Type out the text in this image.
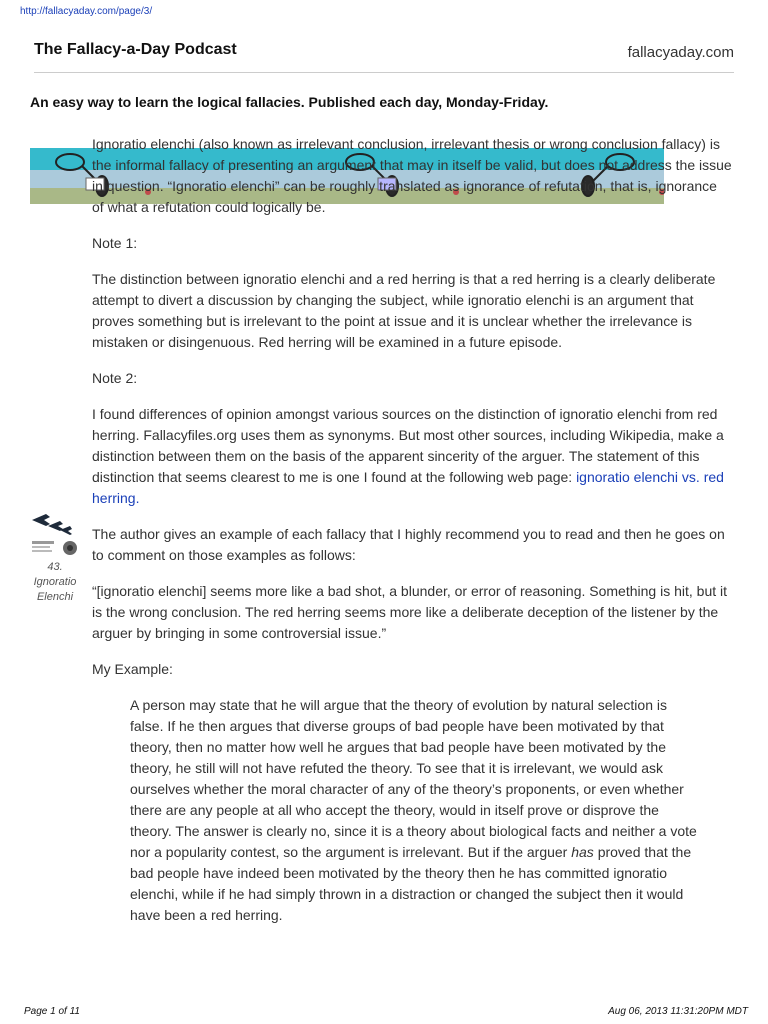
http://fallacyaday.com/page/3/
The Fallacy-a-Day Podcast	fallacyaday.com
An easy way to learn the logical fallacies. Published each day, Monday-Friday.
43.
Ignoratio
Elenchi

Ignoratio elenchi (also known as irrelevant conclusion, irrelevant thesis or wrong conclusion fallacy) is the informal fallacy of presenting an argument that may in itself be valid, but does not address the issue in question. “Ignoratio elenchi” can be roughly translated as ignorance of refutation, that is, ignorance of what a refutation could logically be.

Note 1:

The distinction between ignoratio elenchi and a red herring is that a red herring is a clearly deliberate attempt to divert a discussion by changing the subject, while ignoratio elenchi is an argument that proves something but is irrelevant to the point at issue and it is unclear whether the irrelevance is mistaken or disingenuous. Red herring will be examined in a future episode.

Note 2:

I found differences of opinion amongst various sources on the distinction of ignoratio elenchi from red herring. Fallacyfiles.org uses them as synonyms. But most other sources, including Wikipedia, make a distinction between them on the basis of the apparent sincerity of the arguer. The statement of this distinction that seems clearest to me is one I found at the following web page: ignoratio elenchi vs. red herring.

The author gives an example of each fallacy that I highly recommend you to read and then he goes on to comment on those examples as follows:

“[ignoratio elenchi] seems more like a bad shot, a blunder, or error of reasoning. Something is hit, but it is the wrong conclusion. The red herring seems more like a deliberate deception of the listener by the arguer by bringing in some controversial issue.”

My Example:

A person may state that he will argue that the theory of evolution by natural selection is false. If he then argues that diverse groups of bad people have been motivated by that theory, then no matter how well he argues that bad people have been motivated by the theory, he still will not have refuted the theory. To see that it is irrelevant, we would ask ourselves whether the moral character of any of the theory’s proponents, or even whether there are any people at all who accept the theory, would in itself prove or disprove the theory. The answer is clearly no, since it is a theory about biological facts and neither a vote nor a popularity contest, so the argument is irrelevant. But if the arguer has proved that the bad people have indeed been motivated by the theory then he has committed ignoratio elenchi, while if he had simply thrown in a distraction or changed the subject then it would have been a red herring.

Page 1 of 11	Aug 06, 2013 11:31:20PM MDT
